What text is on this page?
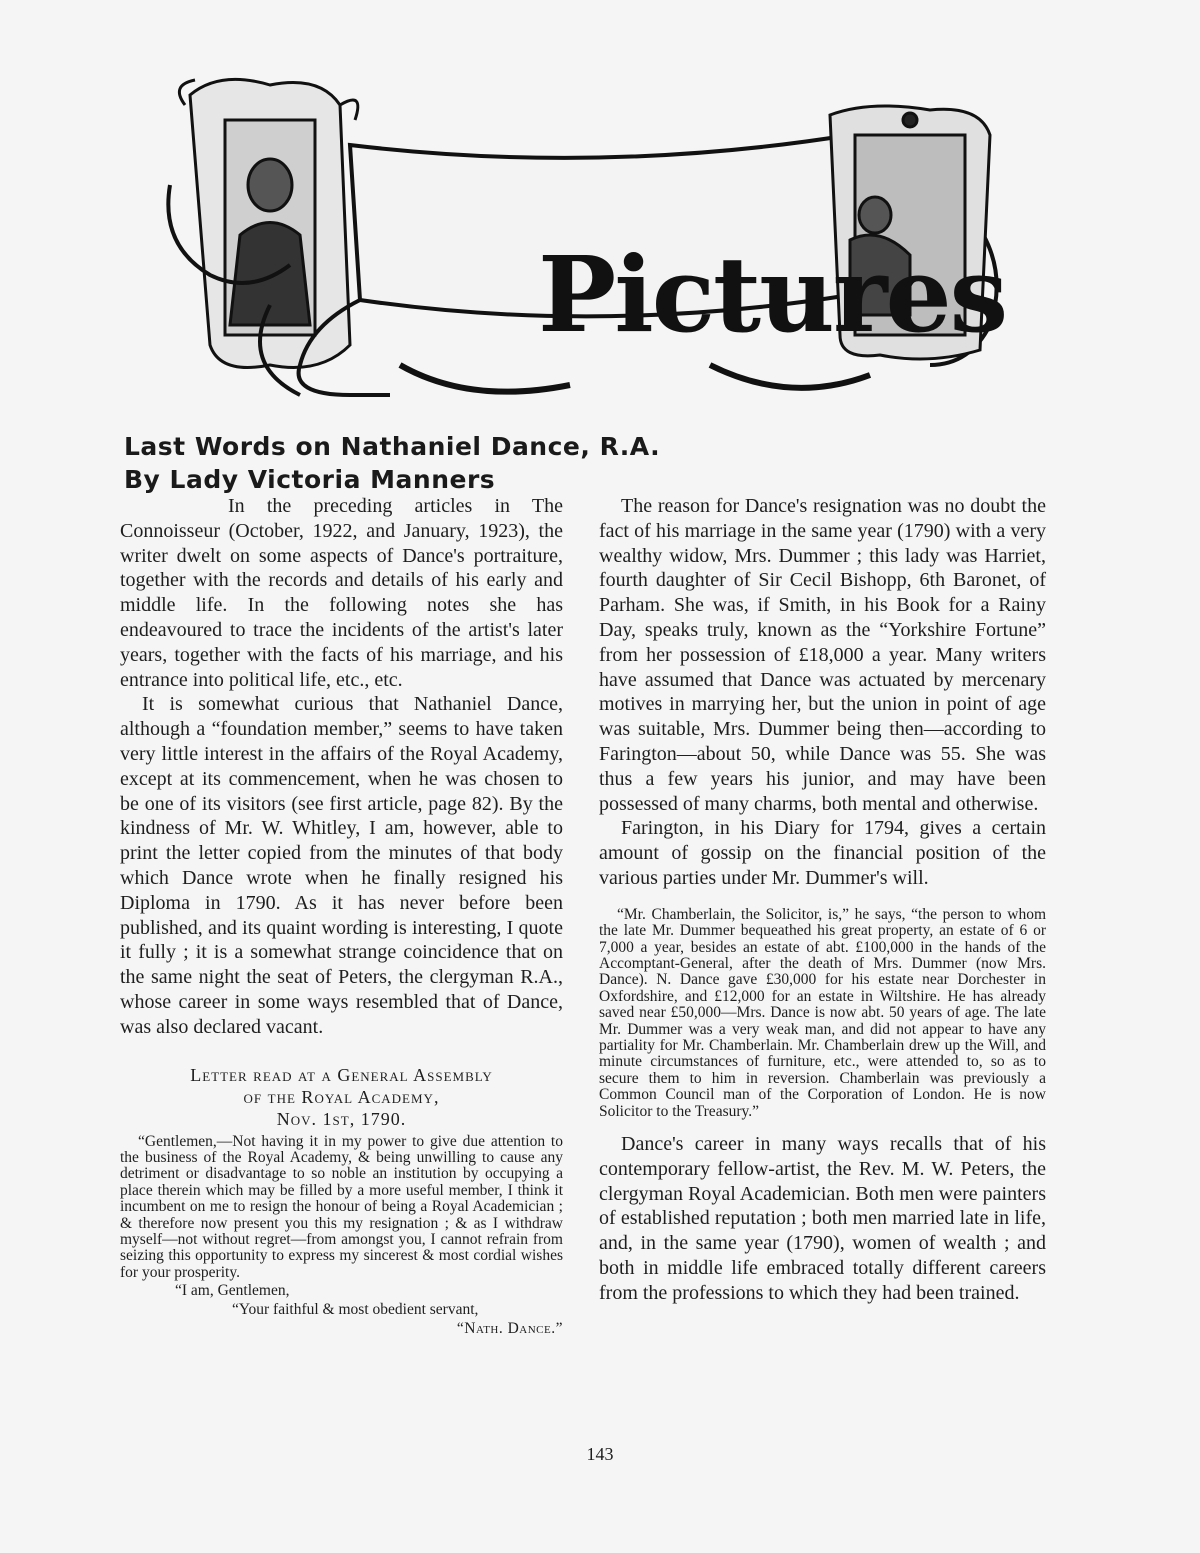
Pictures
Last Words on Nathaniel Dance, R.A.
By Lady Victoria Manners

In the preceding articles in The Connoisseur (October, 1922, and January, 1923), the writer dwelt on some aspects of Dance's portraiture, together with the records and details of his early and middle life. In the following notes she has endeavoured to trace the incidents of the artist's later years, together with the facts of his marriage, and his entrance into political life, etc., etc.

It is somewhat curious that Nathaniel Dance, although a “foundation member,” seems to have taken very little interest in the affairs of the Royal Academy, except at its commencement, when he was chosen to be one of its visitors (see first article, page 82). By the kindness of Mr. W. Whitley, I am, however, able to print the letter copied from the minutes of that body which Dance wrote when he finally resigned his Diploma in 1790. As it has never before been published, and its quaint wording is interesting, I quote it fully ; it is a somewhat strange coincidence that on the same night the seat of Peters, the clergyman R.A., whose career in some ways resembled that of Dance, was also declared vacant.

Letter read at a General Assembly
of the Royal Academy,
Nov. 1st, 1790.

“Gentlemen,—Not having it in my power to give due attention to the business of the Royal Academy, & being unwilling to cause any detriment or disadvantage to so noble an institution by occupying a place therein which may be filled by a more useful member, I think it incumbent on me to resign the honour of being a Royal Academician ; & therefore now present you this my resignation ; & as I withdraw myself—not without regret—from amongst you, I cannot refrain from seizing this opportunity to express my sincerest & most cordial wishes for your prosperity.

“I am, Gentlemen,

“Your faithful & most obedient servant,

“Nath. Dance.”

The reason for Dance's resignation was no doubt the fact of his marriage in the same year (1790) with a very wealthy widow, Mrs. Dummer ; this lady was Harriet, fourth daughter of Sir Cecil Bishopp, 6th Baronet, of Parham. She was, if Smith, in his Book for a Rainy Day, speaks truly, known as the “Yorkshire Fortune” from her possession of £18,000 a year. Many writers have assumed that Dance was actuated by mercenary motives in marrying her, but the union in point of age was suitable, Mrs. Dummer being then—according to Farington—about 50, while Dance was 55. She was thus a few years his junior, and may have been possessed of many charms, both mental and otherwise.

Farington, in his Diary for 1794, gives a certain amount of gossip on the financial position of the various parties under Mr. Dummer's will.

“Mr. Chamberlain, the Solicitor, is,” he says, “the person to whom the late Mr. Dummer bequeathed his great property, an estate of 6 or 7,000 a year, besides an estate of abt. £100,000 in the hands of the Accomptant-General, after the death of Mrs. Dummer (now Mrs. Dance). N. Dance gave £30,000 for his estate near Dorchester in Oxfordshire, and £12,000 for an estate in Wiltshire. He has already saved near £50,000—Mrs. Dance is now abt. 50 years of age. The late Mr. Dummer was a very weak man, and did not appear to have any partiality for Mr. Chamberlain. Mr. Chamberlain drew up the Will, and minute circumstances of furniture, etc., were attended to, so as to secure them to him in reversion. Chamberlain was previously a Common Council man of the Corporation of London. He is now Solicitor to the Treasury.”

Dance's career in many ways recalls that of his contemporary fellow-artist, the Rev. M. W. Peters, the clergyman Royal Academician. Both men were painters of established reputation ; both men married late in life, and, in the same year (1790), women of wealth ; and both in middle life embraced totally different careers from the professions to which they had been trained.

143
